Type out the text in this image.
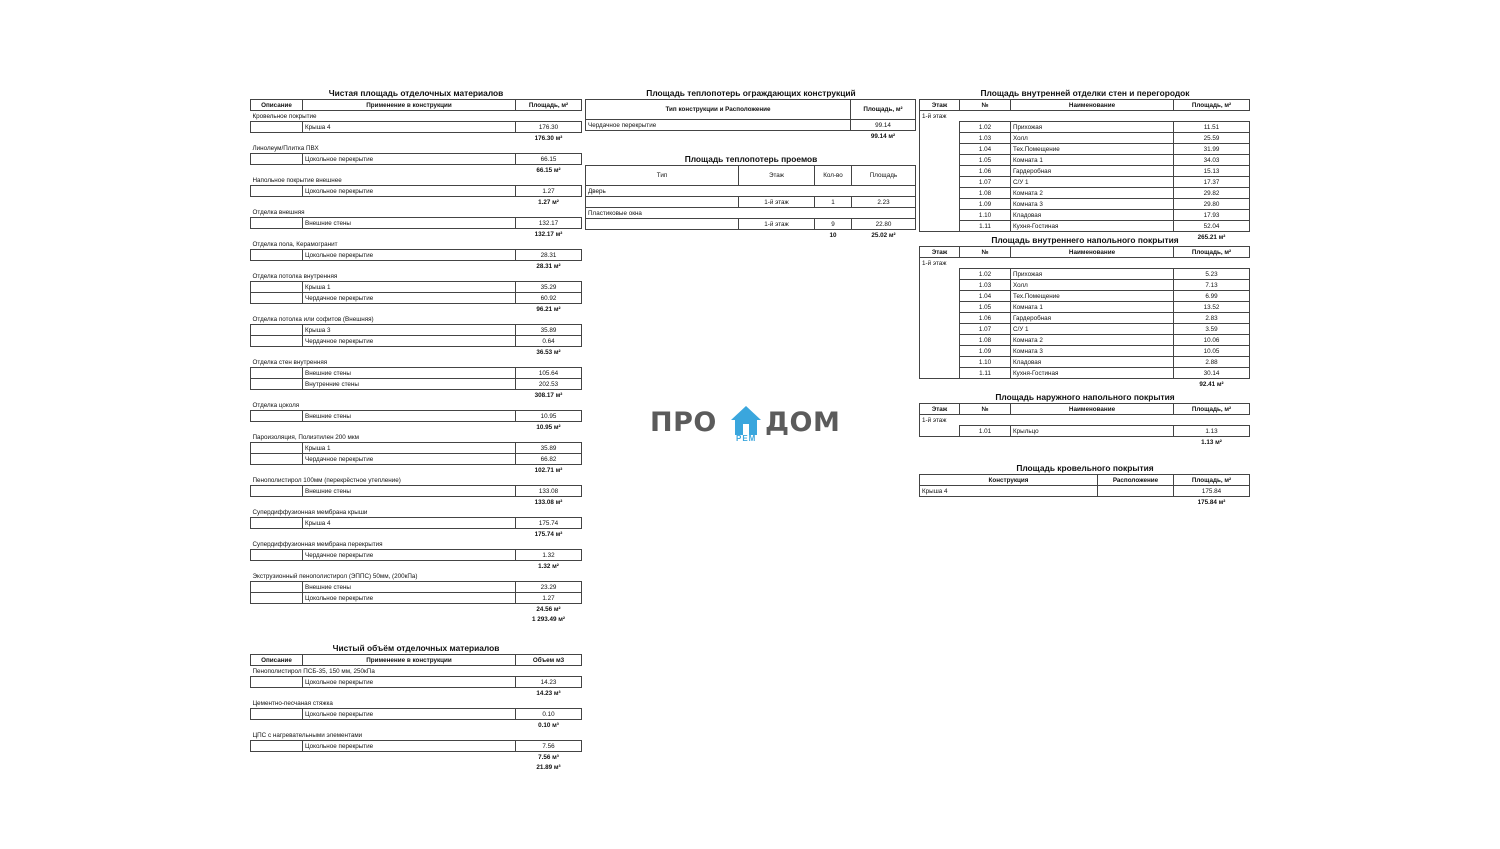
Чистая площадь отделочных материалов
Описание	Применение в конструкции	Площадь, м²
Кровельное покрытие		
	Крыша 4	176.30
		176.30 м²
Линолеум/Плитка ПВХ		
	Цокольное перекрытие	66.15
		66.15 м²
Напольное покрытие внешнее		
	Цокольное перекрытие	1.27
		1.27 м²
Отделка внешняя		
	Внешние стены	132.17
		132.17 м²
Отделка пола, Керамогранит		
	Цокольное перекрытие	28.31
		28.31 м²
Отделка потолка внутренняя		
	Крыша 1	35.29
	Чердачное перекрытие	60.92
		96.21 м²
Отделка потолка или софитов (Внешняя)		
	Крыша 3	35.89
	Чердачное перекрытие	0.64
		36.53 м²
Отделка стен внутренняя		
	Внешние стены	105.64
	Внутренние стены	202.53
		308.17 м²
Отделка цоколя		
	Внешние стены	10.95
		10.95 м²
Пароизоляция, Полиэтилен 200 мкм		
	Крыша 1	35.89
	Чердачное перекрытие	66.82
		102.71 м²
Пенополистирол 100мм (перекрёстное утепление)		
	Внешние стены	133.08
		133.08 м²
Супердиффузионная мембрана крыши		
	Крыша 4	175.74
		175.74 м²
Супердиффузионная мембрана перекрытия		
	Чердачное перекрытие	1.32
		1.32 м²
Экструзионный пенополистирол (ЭППС) 50мм, (200кПа)		
	Внешние стены	23.29
	Цокольное перекрытие	1.27
		24.56 м²
		1 293.49 м²
Чистый объём отделочных материалов
Описание	Применение в конструкции	Объем м3
Пенополистирол ПСБ-35, 150 мм, 250кПа		
	Цокольное перекрытие	14.23
		14.23 м³
Цементно-песчаная стяжка		
	Цокольное перекрытие	0.10
		0.10 м³
ЦПС с нагревательными элементами		
	Цокольное перекрытие	7.56
		7.56 м³
		21.89 м³
Площадь теплопотерь ограждающих конструкций
Тип конструкции и Расположение	Площадь, м²
Чердачное перекрытие	99.14
	99.14 м²
Площадь теплопотерь проемов
Тип	Этаж	Кол-во	Площадь
Дверь			
	1-й этаж	1	2.23
Пластиковые окна			
	1-й этаж	9	22.80
		10	25.02 м²
Площадь внутренней отделки стен и перегородок
Этаж	№	Наименование	Площадь, м²
1-й этаж			
	1.02	Прихожая	11.51
	1.03	Холл	25.59
	1.04	Тех.Помещение	31.99
	1.05	Комната 1	34.03
	1.06	Гардеробная	15.13
	1.07	С/У 1	17.37
	1.08	Комната 2	29.82
	1.09	Комната 3	29.80
	1.10	Кладовая	17.93
	1.11	Кухня-Гостиная	52.04
			265.21 м²
Площадь внутреннего напольного покрытия
Этаж	№	Наименование	Площадь, м²
1-й этаж			
	1.02	Прихожая	5.23
	1.03	Холл	7.13
	1.04	Тех.Помещение	6.99
	1.05	Комната 1	13.52
	1.06	Гардеробная	2.83
	1.07	С/У 1	3.59
	1.08	Комната 2	10.06
	1.09	Комната 3	10.05
	1.10	Кладовая	2.88
	1.11	Кухня-Гостиная	30.14
			92.41 м²
Площадь наружного напольного покрытия
Этаж	№	Наименование	Площадь, м²
1-й этаж			
	1.01	Крыльцо	1.13
			1.13 м²
Площадь кровельного покрытия
Конструкция	Расположение	Площадь, м²
Крыша 4		175.84
		175.84 м²
ПРО
РЕМ
ДОМ
